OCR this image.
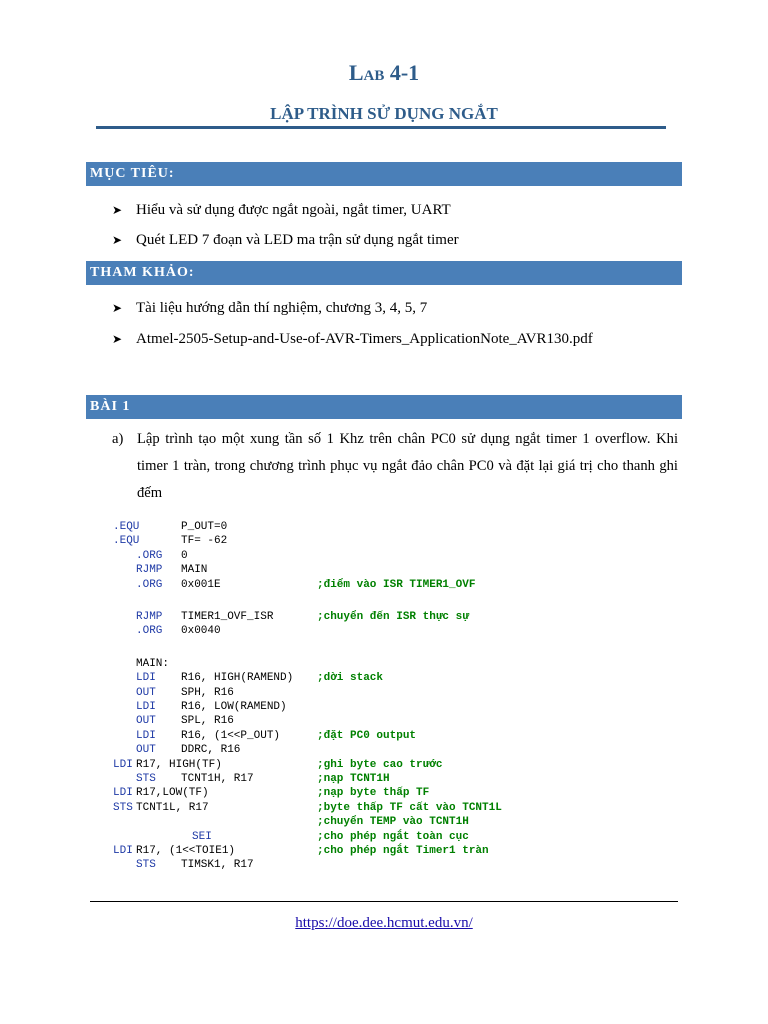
Lab 4-1
LẬP TRÌNH SỬ DỤNG NGẮT
MỤC TIÊU:
➤ Hiểu và sử dụng được ngắt ngoài, ngắt timer, UART
➤ Quét LED 7 đoạn và LED ma trận sử dụng ngắt timer
THAM KHẢO:
➤ Tài liệu hướng dẫn thí nghiệm, chương 3, 4, 5, 7
➤ Atmel-2505-Setup-and-Use-of-AVR-Timers_ApplicationNote_AVR130.pdf
BÀI 1
a) Lập trình tạo một xung tần số 1 Khz trên chân PC0 sử dụng ngắt timer 1 overflow. Khi timer 1 tràn, trong chương trình phục vụ ngắt đảo chân PC0 và đặt lại giá trị cho thanh ghi đếm
.EQU	P_OUT=0
.EQU	TF= -62
.ORG 0
RJMP MAIN
.ORG 0x001E	;điểm vào ISR TIMER1_OVF
RJMP TIMER1_OVF_ISR	;chuyển đến ISR thực sự
.ORG 0x0040
MAIN:
LDI R16, HIGH(RAMEND) ;dời stack
OUT SPH, R16
LDI R16, LOW(RAMEND)
OUT SPL, R16
LDI R16, (1<<P_OUT)	;đặt PC0 output
OUT DDRC, R16
LDI R17, HIGH(TF)	;ghi byte cao trước
STS TCNT1H, R17	;nạp TCNT1H
LDI R17,LOW(TF)	;nạp byte thấp TF
STS TCNT1L, R17	;byte thấp TF cất vào TCNT1L
;chuyển TEMP vào TCNT1H
SEI	;cho phép ngắt toàn cục
LDI R17, (1<<TOIE1)	;cho phép ngắt Timer1 tràn
STS TIMSK1, R17
https://doe.dee.hcmut.edu.vn/
